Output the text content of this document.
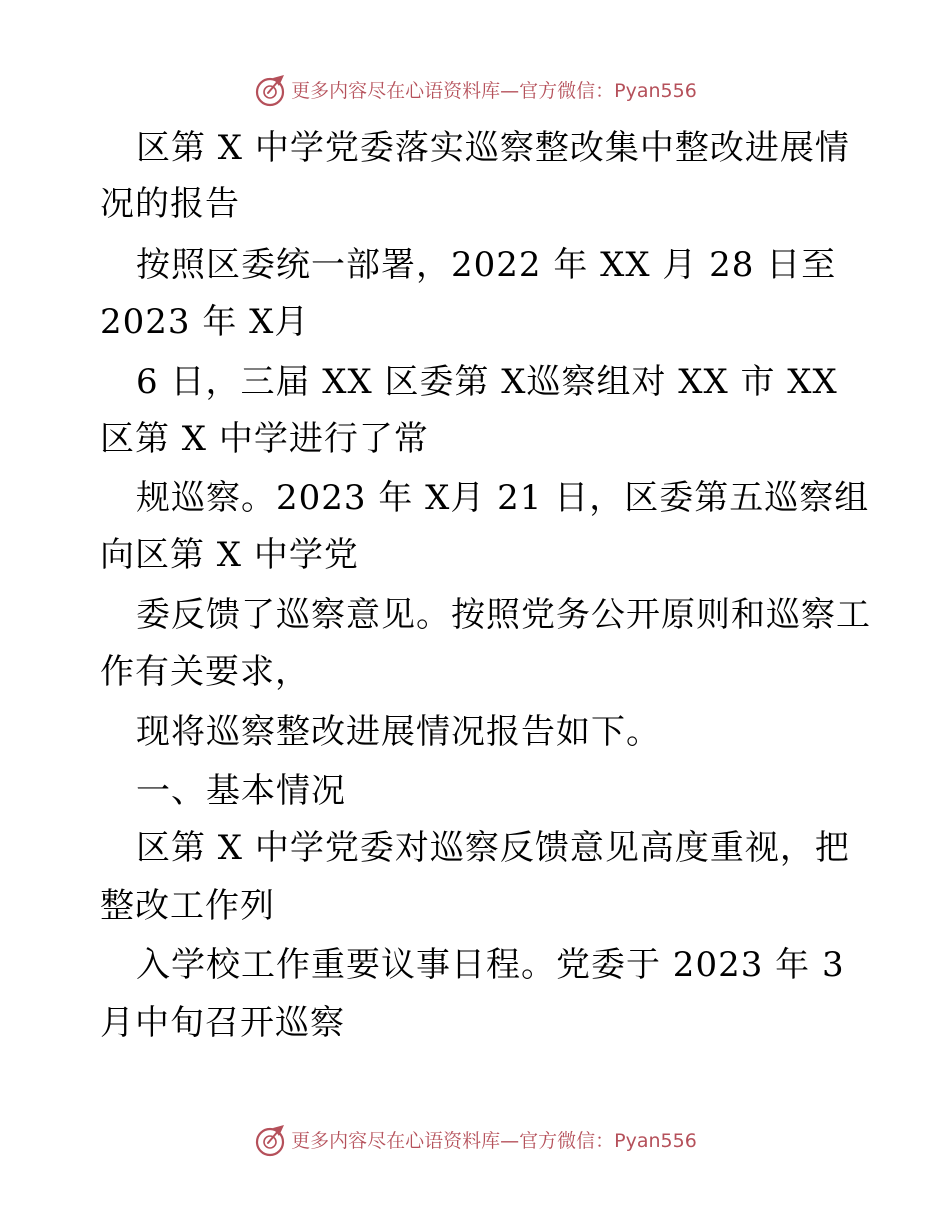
更多内容尽在心语资料库—官方微信：Pyan556

区第 X 中学党委落实巡察整改集中整改进展情

况的报告

按照区委统一部署，2022 年 XX 月 28 日至

2023 年 X月

6 日，三届 XX 区委第 X巡察组对 XX 市 XX

区第 X 中学进行了常

规巡察。2023 年 X月 21 日，区委第五巡察组

向区第 X 中学党

委反馈了巡察意见。按照党务公开原则和巡察工

作有关要求，

现将巡察整改进展情况报告如下。

一、基本情况

区第 X 中学党委对巡察反馈意见高度重视，把

整改工作列

入学校工作重要议事日程。党委于 2023 年 3

月中旬召开巡察

更多内容尽在心语资料库—官方微信：Pyan556
